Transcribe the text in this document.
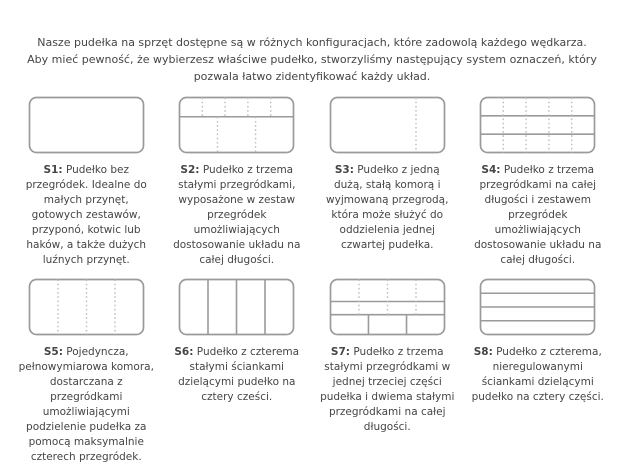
Nasze pudełka na sprzęt dostępne są w różnych konfiguracjach, które zadowolą każdego wędkarza. Aby mieć pewność, że wybierzesz właściwe pudełko, stworzyliśmy następujący system oznaczeń, który pozwala łatwo zidentyfikować każdy układ.

S1: Pudełko bez przegródek. Idealne do małych przynęt, gotowych zestawów, przyponó, kotwic lub haków, a także dużych luźnych przynęt.

S2: Pudełko z trzema stałymi przegródkami, wyposażone w zestaw przegródek umożliwiających dostosowanie układu na całej długości.

S3: Pudełko z jedną dużą, stałą komorą i wyjmowaną przegrodą, która może służyć do oddzielenia jednej czwartej pudełka.

S4: Pudełko z trzema przegródkami na całej długości i zestawem przegródek umożliwiających dostosowanie układu na całej długości.

S5: Pojedyncza, pełnowymiarowa komora, dostarczana z przegródkami umożliwiającymi podzielenie pudełka za pomocą maksymalnie czterech przegródek.

S6: Pudełko z czterema stałymi ściankami dzielącymi pudełko na cztery cześci.

S7: Pudełko z trzema stałymi przegródkami w jednej trzeciej części pudełka i dwiema stałymi przegródkami na całej długości.

S8: Pudełko z czterema, nieregulowanymi ściankami dzielącymi pudełko na cztery części.
